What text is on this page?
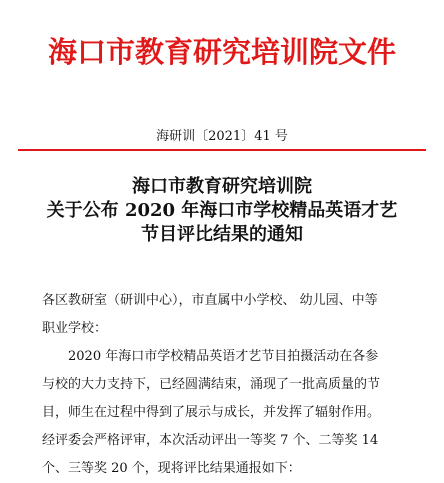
海口市教育研究培训院文件
海研训〔2021〕41 号
海口市教育研究培训院
关于公布 2020 年海口市学校精品英语才艺
节目评比结果的通知
各区教研室（研训中心），市直属中小学校、 幼儿园、中等
职业学校：
2020 年海口市学校精品英语才艺节目拍摄活动在各参
与校的大力支持下，已经圆满结束，涌现了一批高质量的节
目，师生在过程中得到了展示与成长，并发挥了辐射作用。
经评委会严格评审，本次活动评出一等奖 7 个、二等奖 14
个、三等奖 20 个，现将评比结果通报如下：
